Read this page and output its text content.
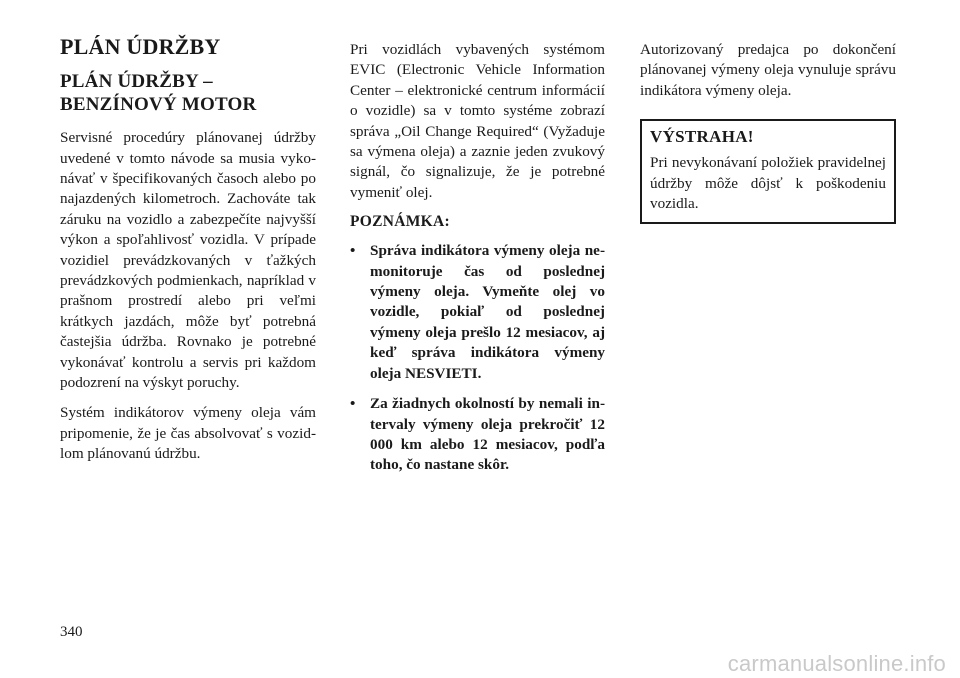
PLÁN ÚDRŽBY
PLÁN ÚDRŽBY – BENZÍNOVÝ MOTOR

Servisné procedúry plánovanej údržby uvedené v tomto návode sa musia vykonávať v špecifikovaných časoch alebo po najazdených kilometroch. Zachováte tak záruku na vozidlo a zabezpečíte najvyšší výkon a spoľahlivosť vozidla. V prípade vozidiel prevádzkovaných v ťažkých prevádzkových podmienkach, napríklad v prašnom prostredí alebo pri veľmi krátkych jazdách, môže byť potrebná častejšia údržba. Rovnako je potrebné vykonávať kontrolu a servis pri každom podozrení na výskyt poruchy.

Systém indikátorov výmeny oleja vám pripomenie, že je čas absolvovať s vozidlom plánovanú údržbu.

Pri vozidlách vybavených systémom EVIC (Electronic Vehicle Information Center – elektronické centrum informácií o vozidle) sa v tomto systéme zobrazí správa „Oil Change Required“ (Vyžaduje sa výmena oleja) a zaznie jeden zvukový signál, čo signalizuje, že je potrebné vymeniť olej.

POZNÁMKA:
• Správa indikátora výmeny oleja nemonitoruje čas od poslednej výmeny oleja. Vymeňte olej vo vozidle, pokiaľ od poslednej výmeny oleja prešlo 12 mesiacov, aj keď správa indikátora výmeny oleja NESVIETI.
• Za žiadnych okolností by nemali intervaly výmeny oleja prekročiť 12 000 km alebo 12 mesiacov, podľa toho, čo nastane skôr.

Autorizovaný predajca po dokončení plánovanej výmeny oleja vynuluje správu indikátora výmeny oleja.

VÝSTRAHA!

Pri nevykonávaní položiek pravidelnej údržby môže dôjsť k poškodeniu vozidla.

340
carmanualsonline.info
